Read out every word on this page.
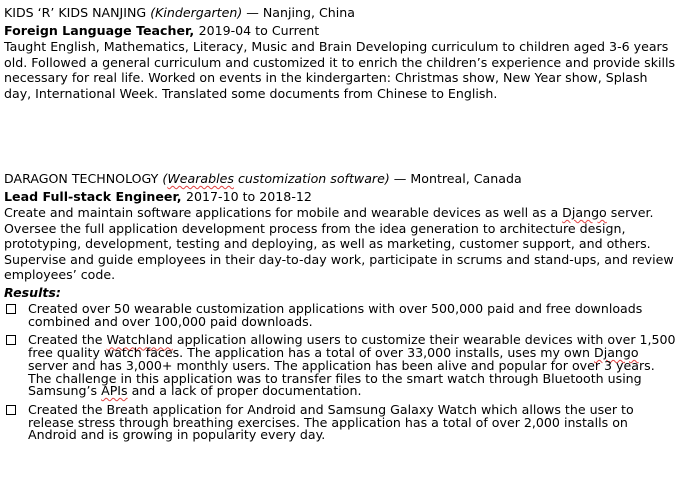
KIDS ‘R’ KIDS NANJING (Kindergarten) — Nanjing, China

Foreign Language Teacher, 2019-04 to Current

Taught English, Mathematics, Literacy, Music and Brain Developing curriculum to children aged 3-6 years old. Followed a general curriculum and customized it to enrich the children’s experience and provide skills necessary for real life. Worked on events in the kindergarten: Christmas show, New Year show, Splash day, International Week. Translated some documents from Chinese to English.

DARAGON TECHNOLOGY (Wearables customization software) — Montreal, Canada

Lead Full-stack Engineer, 2017-10 to 2018-12

Create and maintain software applications for mobile and wearable devices as well as a Django server. Oversee the full application development process from the idea generation to architecture design, prototyping, development, testing and deploying, as well as marketing, customer support, and others. Supervise and guide employees in their day-to-day work, participate in scrums and stand-ups, and review employees’ code.

Results:

Created over 50 wearable customization applications with over 500,000 paid and free downloads combined and over 100,000 paid downloads.
Created the Watchland application allowing users to customize their wearable devices with over 1,500 free quality watch faces. The application has a total of over 33,000 installs, uses my own Django server and has 3,000+ monthly users. The application has been alive and popular for over 3 years. The challenge in this application was to transfer files to the smart watch through Bluetooth using Samsung’s APIs and a lack of proper documentation.
Created the Breath application for Android and Samsung Galaxy Watch which allows the user to release stress through breathing exercises. The application has a total of over 2,000 installs on Android and is growing in popularity every day.
